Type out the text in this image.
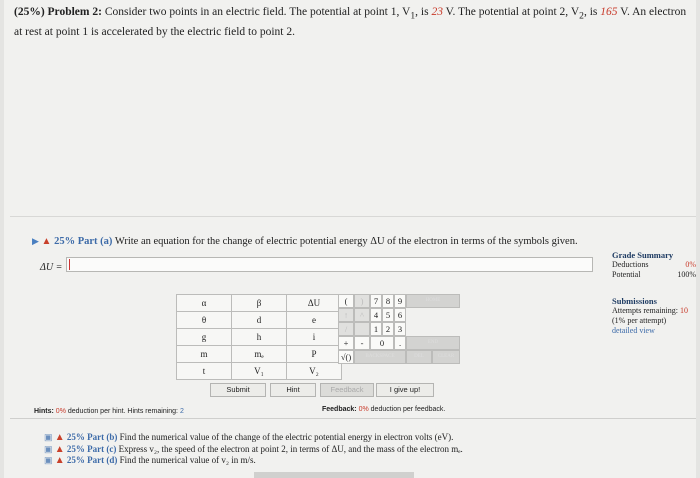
(25%) Problem 2: Consider two points in an electric field. The potential at point 1, $V_1$, is 23 V. The potential at point 2, $V_2$, is 165 V. An electron at rest at point 1 is accelerated by the electric field to point 2.
▶ ▲ 25% Part (a) Write an equation for the change of electric potential energy ΔU of the electron in terms of the symbols given.
ΔU =
Grade Summary
Deductions	0%
Potential	100%
Submissions
Attempts remaining: 10
(1% per attempt)
detailed view
α	β	ΔU
θ	d	e
g	h	i
m	mₑ	P
t	V₁	V₂
(	)	7 8 9	HOME
↑	^	4 5 6
/	1 2 3
+	-	0	.	END
√()	BACKSPACE	DEL	CLEAR
Submit	Hint	Feedback	I give up!
Hints: 0% deduction per hint. Hints remaining: 2	Feedback: 0% deduction per feedback.
▣ ▲ 25% Part (b) Find the numerical value of the change of the electric potential energy in electron volts (eV).
▣ ▲ 25% Part (c) Express v₂, the speed of the electron at point 2, in terms of ΔU, and the mass of the electron mₑ.
▣ ▲ 25% Part (d) Find the numerical value of v₂ in m/s.
